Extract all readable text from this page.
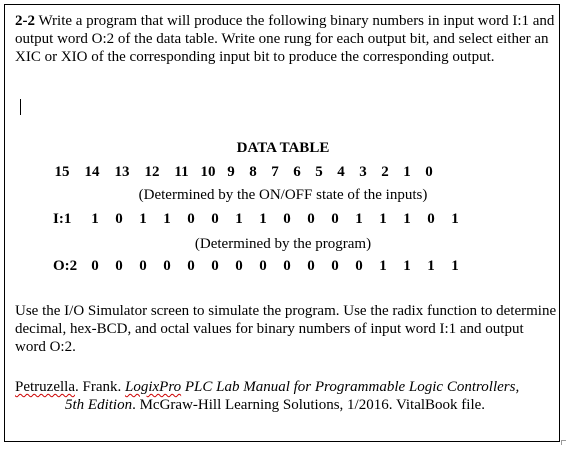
2-2 Write a program that will produce the following binary numbers in input word I:1 and output word O:2 of the data table. Write one rung for each output bit, and select either an XIC or XIO of the corresponding input bit to produce the corresponding output.

DATA TABLE
15 14 13 12 11 10 9 8 7 6 5 4 3 2 1 0
(Determined by the ON/OFF state of the inputs)
I:1 1 0 1 1 0 0 1 1 0 0 0 1 1 1 0 1
(Determined by the program)
O:2 0 0 0 0 0 0 0 0 0 0 0 0 1 1 1 1

Use the I/O Simulator screen to simulate the program. Use the radix function to determine decimal, hex-BCD, and octal values for binary numbers of input word I:1 and output word O:2.

Petruzella. Frank. LogixPro PLC Lab Manual for Programmable Logic Controllers,
5th Edition. McGraw-Hill Learning Solutions, 1/2016. VitalBook file.
